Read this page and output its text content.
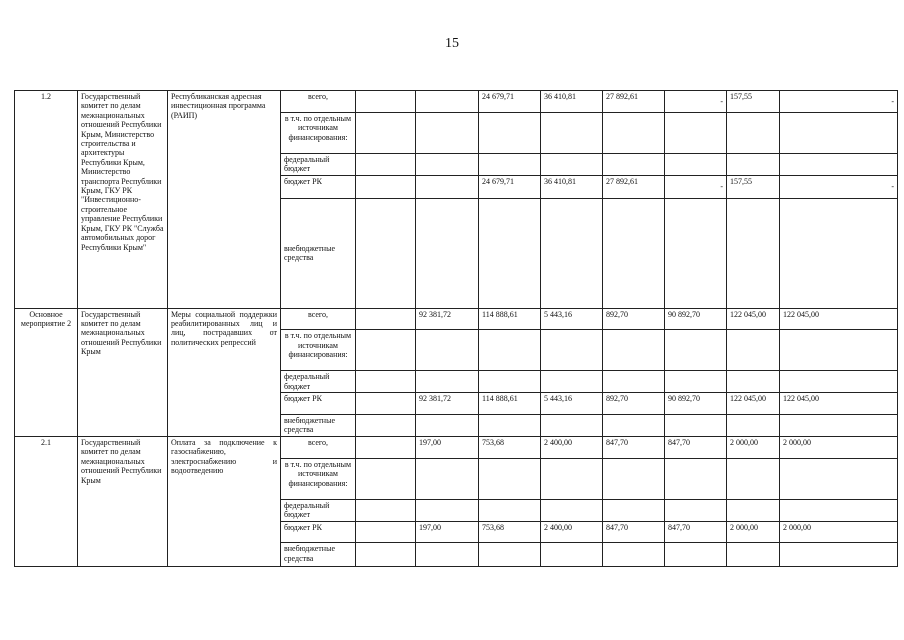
15
1.2	Государственный комитет по делам межнациональных отношений Республики Крым, Министерство строительства и архитектуры Республики Крым, Министерство транспорта Республики Крым, ГКУ РК "Инвестиционно-строительное управление Республики Крым, ГКУ РК "Служба автомобильных дорог Республики Крым"	Республиканская адресная инвестиционная программа (РАИП)	всего,			24 679,71	36 410,81	27 892,61	-	157,55	-

			в т.ч. по отдельным источникам финансирования:									
			федеральный бюджет									
			бюджет РК			24 679,71	36 410,81	27 892,61	-	157,55	-

			внебюджетные средства									
Основное мероприятие 2	Государственный комитет по делам межнациональных отношений Республики Крым	Меры социальной поддержки реабилитированных лиц и лиц, пострадавших от политических репрессий	всего,		92 381,72	114 888,61	5 443,16	892,70	90 892,70	122 045,00	122 045,00	
			в т.ч. по отдельным источникам финансирования:									
			федеральный бюджет									
			бюджет РК		92 381,72	114 888,61	5 443,16	892,70	90 892,70	122 045,00	122 045,00	
			внебюджетные средства									
2.1	Государственный комитет по делам межнациональных отношений Республики Крым	Оплата за подключение к газоснабжению, электроснабжению и водоотведению	всего,		197,00	753,68	2 400,00	847,70	847,70	2 000,00	2 000,00	
			в т.ч. по отдельным источникам финансирования:									
			федеральный бюджет									
			бюджет РК		197,00	753,68	2 400,00	847,70	847,70	2 000,00	2 000,00	
			внебюджетные средства									
